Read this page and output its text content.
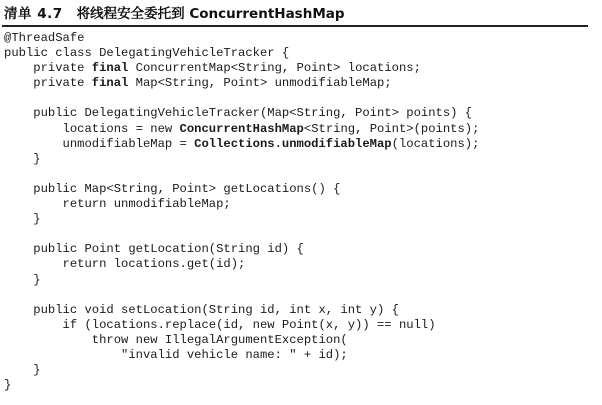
清单 4.7 将线程安全委托到 ConcurrentHashMap
@ThreadSafe
public class DelegatingVehicleTracker {
private final ConcurrentMap<String, Point> locations;
private final Map<String, Point> unmodifiableMap;
public DelegatingVehicleTracker(Map<String, Point> points) {
locations = new ConcurrentHashMap<String, Point>(points);
unmodifiableMap = Collections.unmodifiableMap(locations);
}
public Map<String, Point> getLocations() {
return unmodifiableMap;
}
public Point getLocation(String id) {
return locations.get(id);
}
public void setLocation(String id, int x, int y) {
if (locations.replace(id, new Point(x, y)) == null)
throw new IllegalArgumentException(
"invalid vehicle name: " + id);
}
}
